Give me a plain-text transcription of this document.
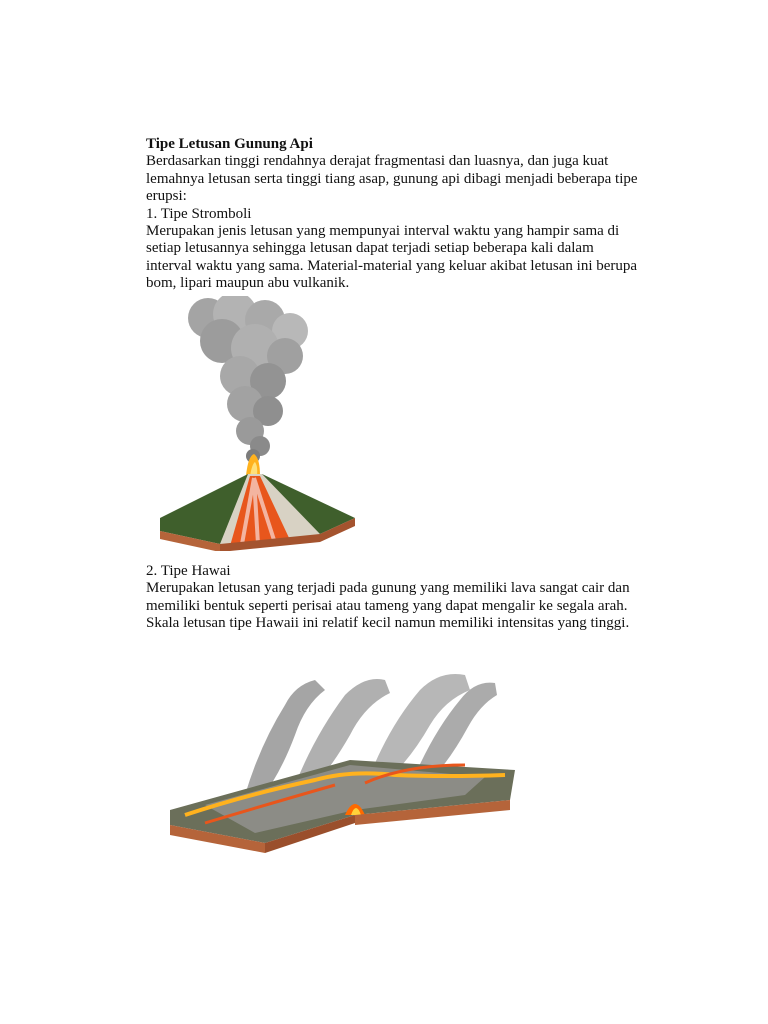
Tipe Letusan Gunung Api

Berdasarkan tinggi rendahnya derajat fragmentasi dan luasnya, dan juga kuat

lemahnya letusan serta tinggi tiang asap, gunung api dibagi menjadi beberapa tipe

erupsi:

1. Tipe Stromboli

Merupakan jenis letusan yang mempunyai interval waktu yang hampir sama di

setiap letusannya sehingga letusan dapat terjadi setiap beberapa kali dalam

interval waktu yang sama. Material-material yang keluar akibat letusan ini berupa

bom, lipari maupun abu vulkanik.

2. Tipe Hawai

Merupakan letusan yang terjadi pada gunung yang memiliki lava sangat cair dan

memiliki bentuk seperti perisai atau tameng yang dapat mengalir ke segala arah.

Skala letusan tipe Hawaii ini relatif kecil namun memiliki intensitas yang tinggi.
